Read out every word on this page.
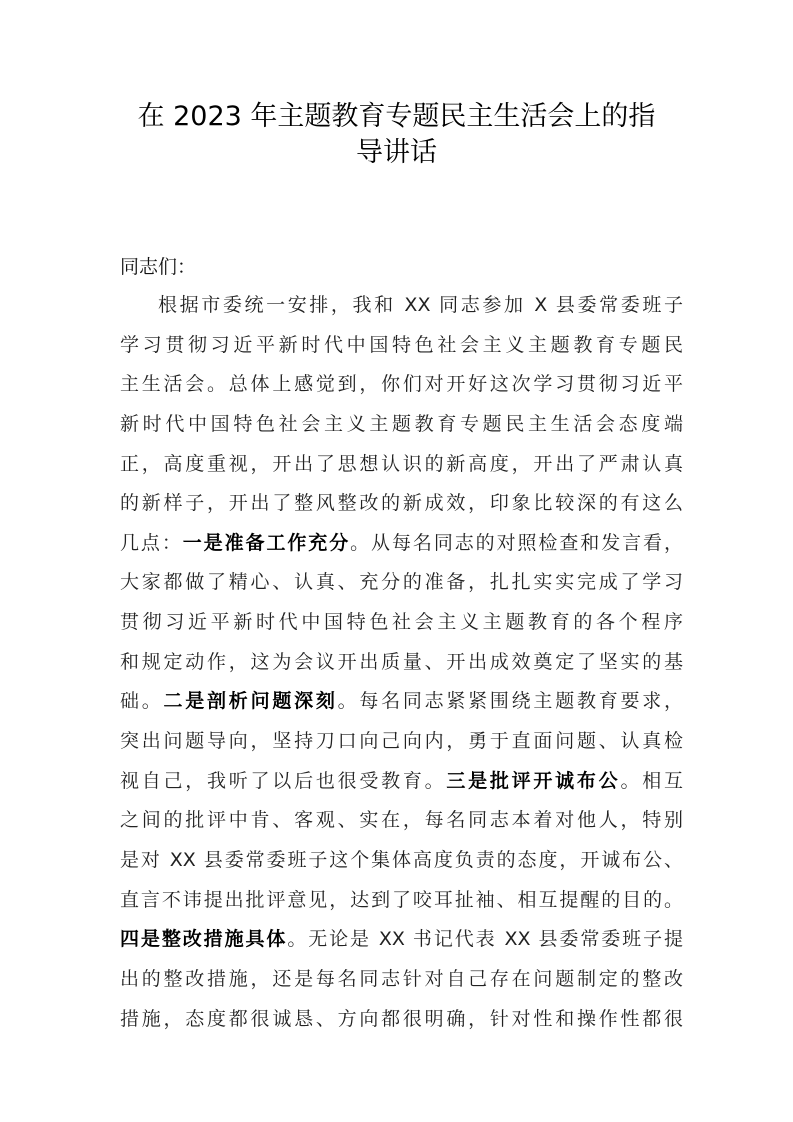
在 2023 年主题教育专题民主生活会上的指
导讲话
同志们：
根据市委统一安排，我和 XX 同志参加 X 县委常委班子
学习贯彻习近平新时代中国特色社会主义主题教育专题民
主生活会。总体上感觉到，你们对开好这次学习贯彻习近平
新时代中国特色社会主义主题教育专题民主生活会态度端
正，高度重视，开出了思想认识的新高度，开出了严肃认真
的新样子，开出了整风整改的新成效，印象比较深的有这么
几点：一是准备工作充分。从每名同志的对照检查和发言看，
大家都做了精心、认真、充分的准备，扎扎实实完成了学习
贯彻习近平新时代中国特色社会主义主题教育的各个程序
和规定动作，这为会议开出质量、开出成效奠定了坚实的基
础。二是剖析问题深刻。每名同志紧紧围绕主题教育要求，
突出问题导向，坚持刀口向己向内，勇于直面问题、认真检
视自己，我听了以后也很受教育。三是批评开诚布公。相互
之间的批评中肯、客观、实在，每名同志本着对他人，特别
是对 XX 县委常委班子这个集体高度负责的态度，开诚布公、
直言不讳提出批评意见，达到了咬耳扯袖、相互提醒的目的。
四是整改措施具体。无论是 XX 书记代表 XX 县委常委班子提
出的整改措施，还是每名同志针对自己存在问题制定的整改
措施，态度都很诚恳、方向都很明确，针对性和操作性都很
